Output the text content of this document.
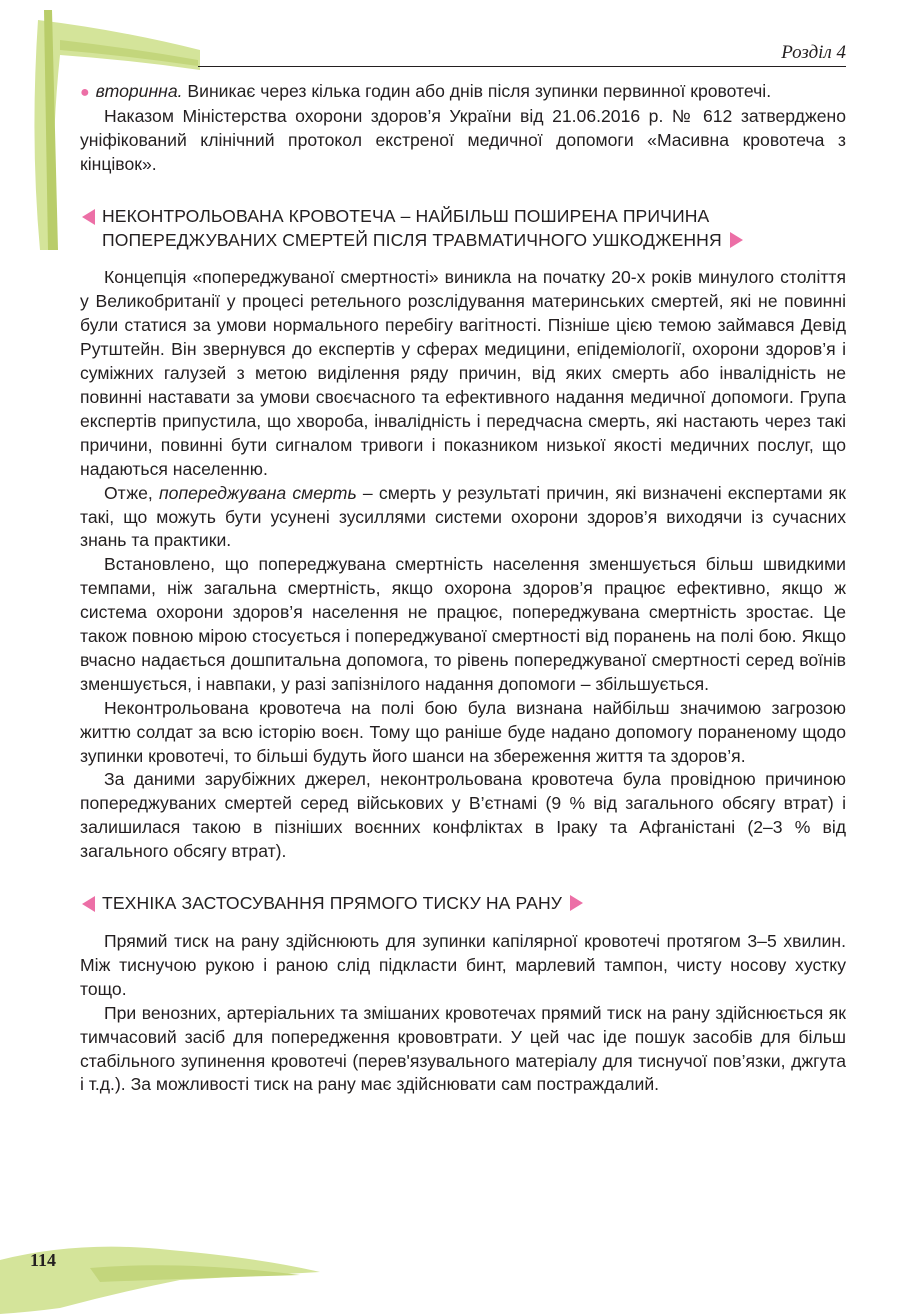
Розділ 4

● вторинна. Виникає через кілька годин або днів після зупинки первинної кровотечі.

Наказом Міністерства охорони здоров’я України від 21.06.2016 р. № 612 затверджено уніфікований клінічний протокол екстреної медичної допомоги «Масивна кровотеча з кінцівок».

НЕКОНТРОЛЬОВАНА КРОВОТЕЧА – НАЙБІЛЬШ ПОШИРЕНА ПРИЧИНА
ПОПЕРЕДЖУВАНИХ СМЕРТЕЙ ПІСЛЯ ТРАВМАТИЧНОГО УШКОДЖЕННЯ

Концепція «попереджуваної смертності» виникла на початку 20-х років минулого століття у Великобританії у процесі ретельного розслідування материнських смертей, які не повинні були статися за умови нормального перебігу вагітності. Пізніше цією темою займався Девід Рутштейн. Він звернувся до експертів у сферах медицини, епідеміології, охорони здоров’я і суміжних галузей з метою виділення ряду причин, від яких смерть або інвалідність не повинні наставати за умови своєчасного та ефективного надання медичної допомоги. Група експертів припустила, що хвороба, інвалідність і передчасна смерть, які настають через такі причини, повинні бути сигналом тривоги і показником низької якості медичних послуг, що надаються населенню.

Отже, попереджувана смерть – смерть у результаті причин, які визначені експертами як такі, що можуть бути усунені зусиллями системи охорони здоров’я виходячи із сучасних знань та практики.

Встановлено, що попереджувана смертність населення зменшується більш швидкими темпами, ніж загальна смертність, якщо охорона здоров’я працює ефективно, якщо ж система охорони здоров’я населення не працює, попереджувана смертність зростає. Це також повною мірою стосується і попереджуваної смертності від поранень на полі бою. Якщо вчасно надається дошпитальна допомога, то рівень попереджуваної смертності серед воїнів зменшується, і навпаки, у разі запізнілого надання допомоги – збільшується.

Неконтрольована кровотеча на полі бою була визнана найбільш значимою загрозою життю солдат за всю історію воєн. Тому що раніше буде надано допомогу пораненому щодо зупинки кровотечі, то більші будуть його шанси на збереження життя та здоров’я.

За даними зарубіжних джерел, неконтрольована кровотеча була провідною причиною попереджуваних смертей серед військових у В’єтнамі (9 % від загального обсягу втрат) і залишилася такою в пізніших воєнних конфліктах в Іраку та Афганістані (2–3 % від загального обсягу втрат).

ТЕХНІКА ЗАСТОСУВАННЯ ПРЯМОГО ТИСКУ НА РАНУ

Прямий тиск на рану здійснюють для зупинки капілярної кровотечі протягом 3–5 хвилин. Між тиснучою рукою і раною слід підкласти бинт, марлевий тампон, чисту носову хустку тощо.

При венозних, артеріальних та змішаних кровотечах прямий тиск на рану здійснюється як тимчасовий засіб для попередження крововтрати. У цей час іде пошук засобів для більш стабільного зупинення кровотечі (перев'язувального матеріалу для тиснучої пов’язки, джгута і т.д.). За можливості тиск на рану має здійснювати сам постраждалий.

114
